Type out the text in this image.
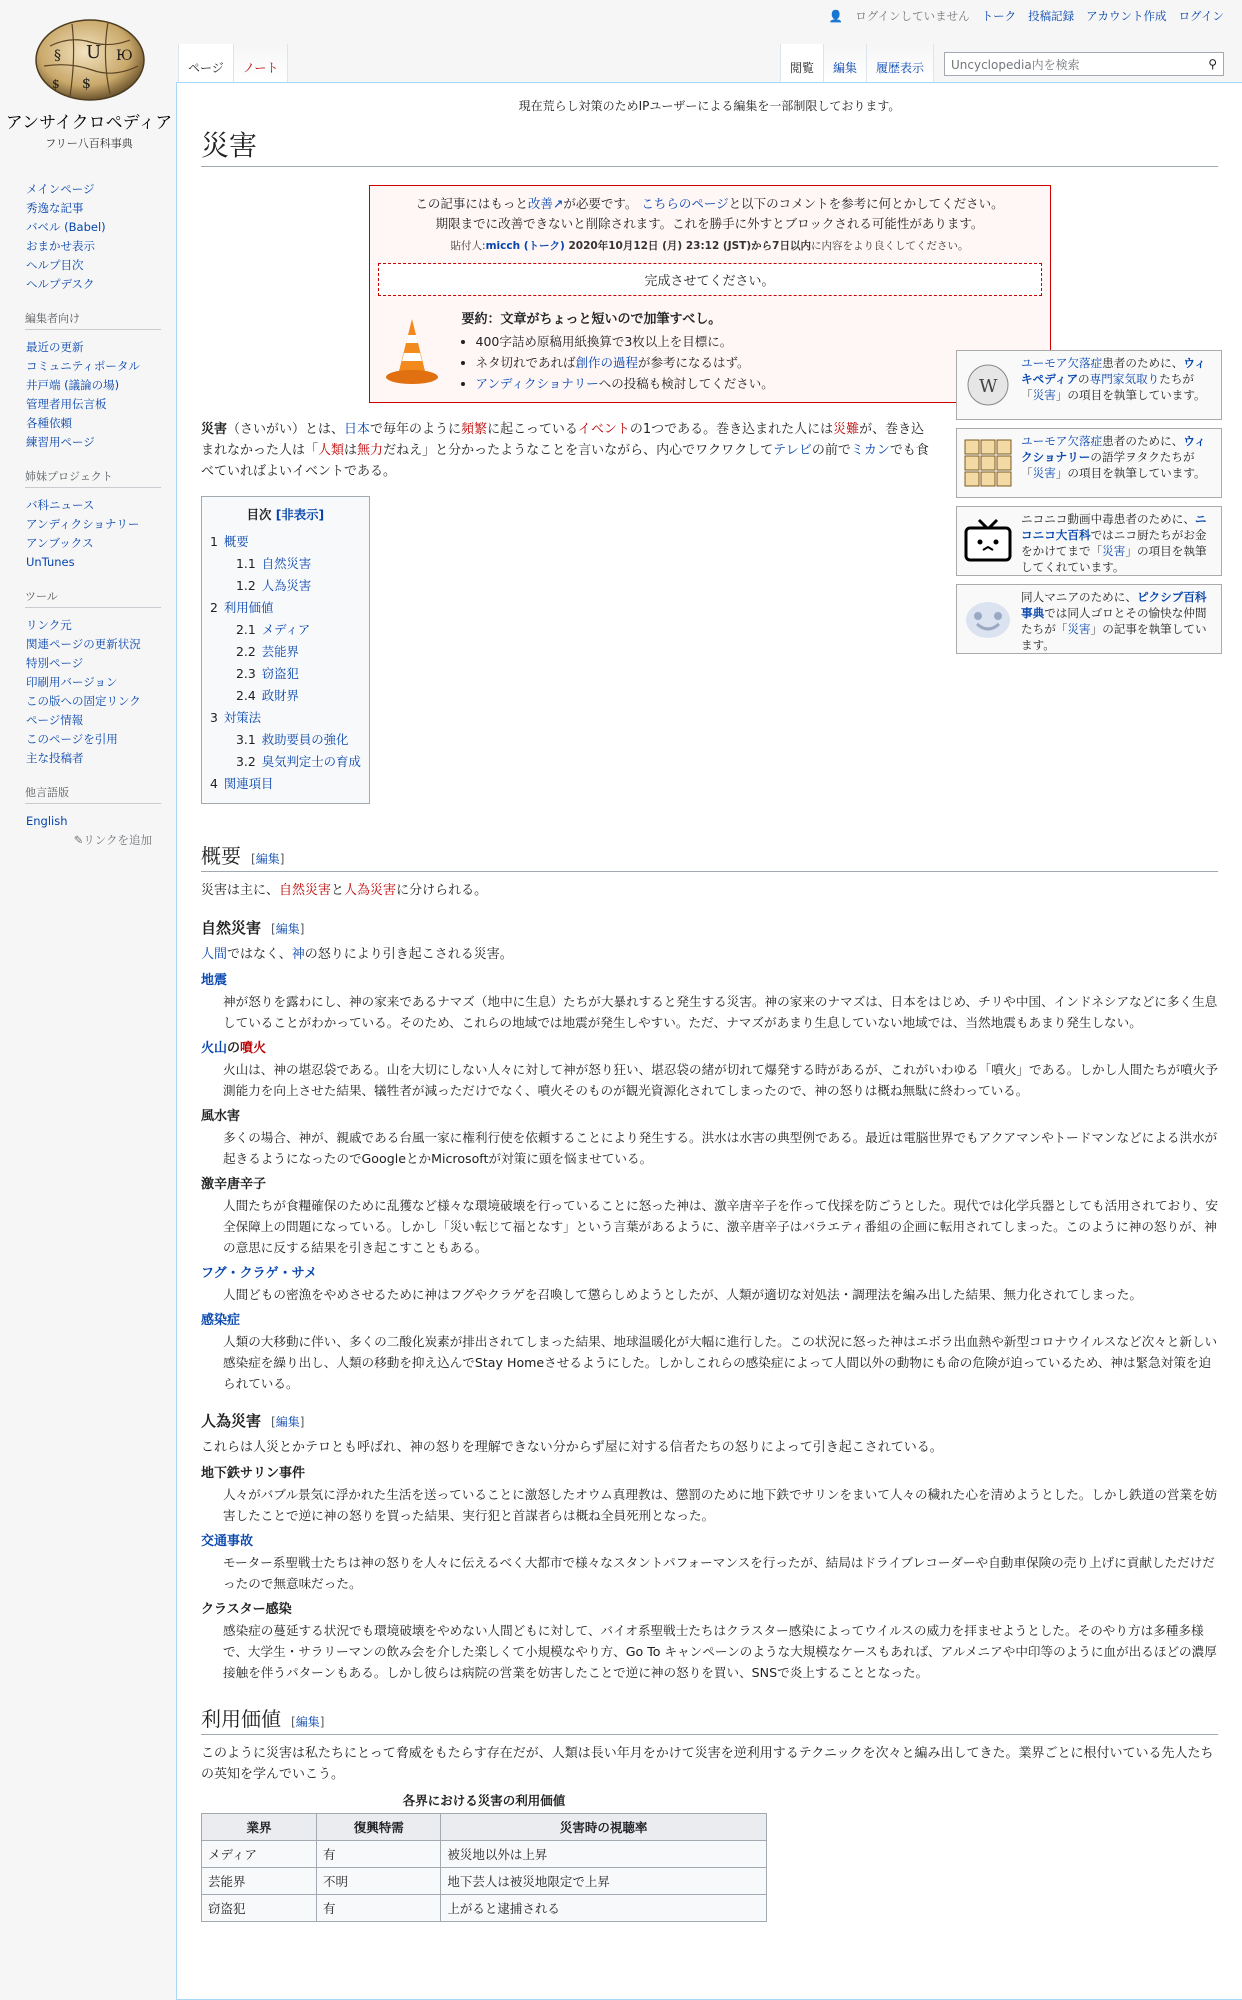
👤 ログインしていません トーク 投稿記録 アカウント作成 ログイン
U
§	Ю
$
$
アンサイクロペディア
フリー八百科事典
メインページ
秀逸な記事
バベル (Babel)
おまかせ表示
ヘルプ目次
ヘルプデスク
編集者向け
最近の更新
コミュニティポータル
井戸端 (議論の場)
管理者用伝言板
各種依頼
練習用ページ
姉妹プロジェクト
バ科ニュース
アンディクショナリー
アンブックス
UnTunes
ツール
リンク元
関連ページの更新状況
特別ページ
印刷用バージョン
この版への固定リンク
ページ情報
このページを引用
主な投稿者
他言語版
English
✎リンクを追加
ページ ノート	閲覧 編集 履歴表示 Uncyclopedia内を検索	⚲
現在荒らし対策のためIPユーザーによる編集を一部制限しております。
災害
この記事にはもっと改善↗が必要です。 こちらのページと以下のコメントを参考に何とかしてください。
期限までに改善できないと削除されます。これを勝手に外すとブロックされる可能性があります。
貼付人:micch (トーク) 2020年10月12日 (月) 23:12 (JST)から7日以内に内容をより良くしてください。
完成させてください。
要約：文章がちょっと短いので加筆すべし。
• 400字詰め原稿用紙換算で3枚以上を目標に。
• ネタ切れであれば創作の過程が参考になるはず。
• アンディクショナリーへの投稿も検討してください。

災害（さいがい）とは、日本で毎年のように頻繁に起こっているイベントの1つである。巻き込まれた人には災難が、巻き込まれなかった人は「人類は無力だねえ」と分かったようなことを言いながら、内心でワクワクしてテレビの前でミカンでも食べていればよいイベントである。

目次 [非表示]
1 概要
1.1 自然災害
1.2 人為災害
2 利用価値
2.1 メディア
2.2 芸能界
2.3 窃盗犯
2.4 政財界
3 対策法
3.1 救助要員の強化
3.2 臭気判定士の育成
4 関連項目
概要 [編集]

災害は主に、自然災害と人為災害に分けられる。

自然災害 [編集]

人間ではなく、神の怒りにより引き起こされる災害。

地震
神が怒りを露わにし、神の家来であるナマズ（地中に生息）たちが大暴れすると発生する災害。神の家来のナマズは、日本をはじめ、チリや中国、インドネシアなどに多く生息していることがわかっている。そのため、これらの地域では地震が発生しやすい。ただ、ナマズがあまり生息していない地域では、当然地震もあまり発生しない。
火山の噴火
火山は、神の堪忍袋である。山を大切にしない人々に対して神が怒り狂い、堪忍袋の緒が切れて爆発する時があるが、これがいわゆる「噴火」である。しかし人間たちが噴火予測能力を向上させた結果、犠牲者が減っただけでなく、噴火そのものが観光資源化されてしまったので、神の怒りは概ね無駄に終わっている。
風水害
多くの場合、神が、親戚である台風一家に権利行使を依頼することにより発生する。洪水は水害の典型例である。最近は電脳世界でもアクアマンやトードマンなどによる洪水が起きるようになったのでGoogleとかMicrosoftが対策に頭を悩ませている。
激辛唐辛子
人間たちが食糧確保のために乱獲など様々な環境破壊を行っていることに怒った神は、激辛唐辛子を作って伐採を防ごうとした。現代では化学兵器としても活用されており、安全保障上の問題になっている。しかし「災い転じて福となす」という言葉があるように、激辛唐辛子はバラエティ番組の企画に転用されてしまった。このように神の怒りが、神の意思に反する結果を引き起こすこともある。
フグ・クラゲ・サメ
人間どもの密漁をやめさせるために神はフグやクラゲを召喚して懲らしめようとしたが、人類が適切な対処法・調理法を編み出した結果、無力化されてしまった。
感染症
人類の大移動に伴い、多くの二酸化炭素が排出されてしまった結果、地球温暖化が大幅に進行した。この状況に怒った神はエボラ出血熱や新型コロナウイルスなど次々と新しい感染症を繰り出し、人類の移動を抑え込んでStay Homeさせるようにした。しかしこれらの感染症によって人間以外の動物にも命の危険が迫っているため、神は緊急対策を迫られている。
人為災害 [編集]

これらは人災とかテロとも呼ばれ、神の怒りを理解できない分からず屋に対する信者たちの怒りによって引き起こされている。

地下鉄サリン事件
人々がバブル景気に浮かれた生活を送っていることに激怒したオウム真理教は、懲罰のために地下鉄でサリンをまいて人々の穢れた心を清めようとした。しかし鉄道の営業を妨害したことで逆に神の怒りを買った結果、実行犯と首謀者らは概ね全員死刑となった。
交通事故
モーター系聖戦士たちは神の怒りを人々に伝えるべく大都市で様々なスタントパフォーマンスを行ったが、結局はドライブレコーダーや自動車保険の売り上げに貢献しただけだったので無意味だった。
クラスター感染
感染症の蔓延する状況でも環境破壊をやめない人間どもに対して、バイオ系聖戦士たちはクラスター感染によってウイルスの威力を拝ませようとした。そのやり方は多種多様で、大学生・サラリーマンの飲み会を介した楽しくて小規模なやり方、Go To キャンペーンのような大規模なケースもあれば、アルメニアや中印等のように血が出るほどの濃厚接触を伴うパターンもある。しかし彼らは病院の営業を妨害したことで逆に神の怒りを買い、SNSで炎上することとなった。
利用価値 [編集]

このように災害は私たちにとって脅威をもたらす存在だが、人類は長い年月をかけて災害を逆利用するテクニックを次々と編み出してきた。業界ごとに根付いている先人たちの英知を学んでいこう。

各界における災害の利用価値
業界	復興特需	災害時の視聴率
メディア	有	被災地以外は上昇
芸能界	不明	地下芸人は被災地限定で上昇
窃盗犯	有	上がると逮捕される
W
ユーモア欠落症患者のために、ウィキペディアの専門家気取りたちが「災害」の項目を執筆しています。
ユーモア欠落症患者のために、ウィクショナリーの語学ヲタクたちが「災害」の項目を執筆しています。
ニコニコ動画中毒患者のために、ニコニコ大百科ではニコ厨たちがお金をかけてまで「災害」の項目を執筆してくれています。
同人マニアのために、ピクシブ百科事典では同人ゴロとその愉快な仲間たちが「災害」の記事を執筆しています。
